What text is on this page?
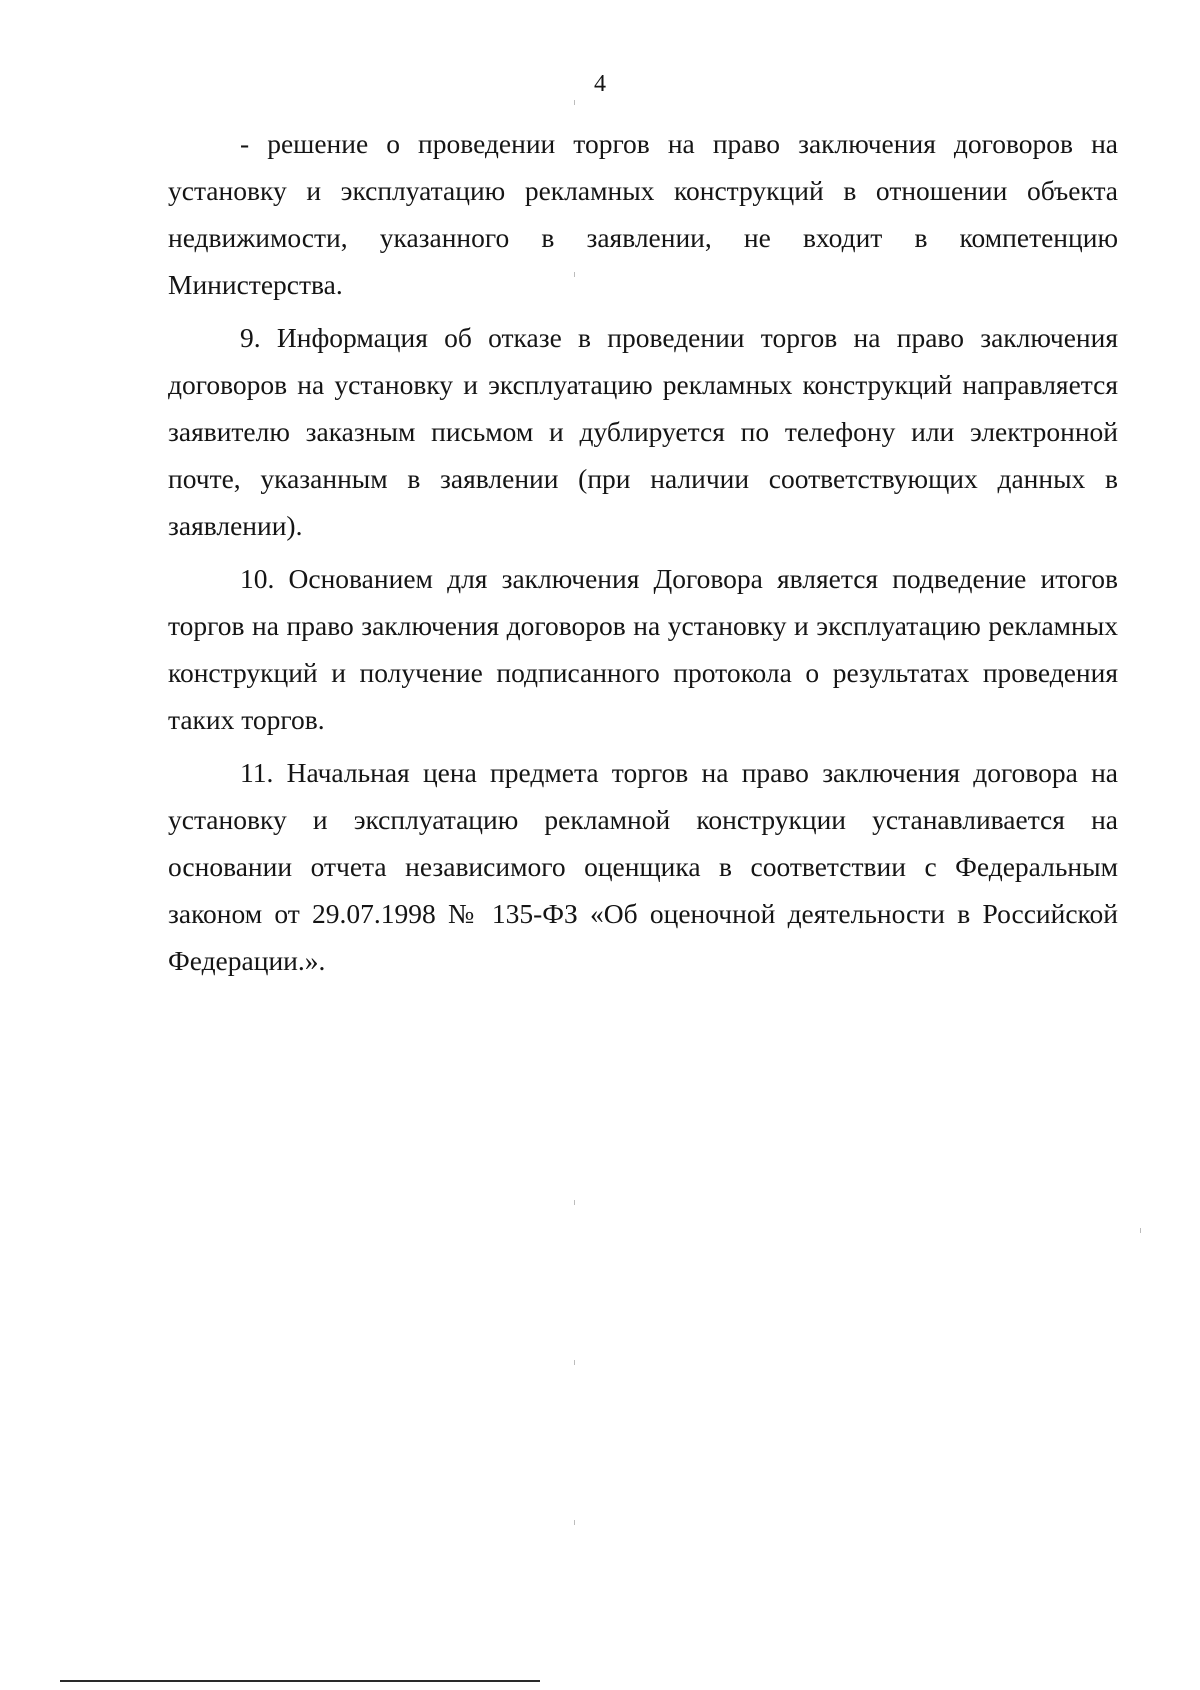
4

- решение о проведении торгов на право заключения договоров на установку и эксплуатацию рекламных конструкций в отношении объекта недвижимости, указанного в заявлении, не входит в компетенцию Министерства.

9. Информация об отказе в проведении торгов на право заключения договоров на установку и эксплуатацию рекламных конструкций направляется заявителю заказным письмом и дублируется по телефону или электронной почте, указанным в заявлении (при наличии соответствующих данных в заявлении).

10. Основанием для заключения Договора является подведение итогов торгов на право заключения договоров на установку и эксплуатацию рекламных конструкций и получение подписанного протокола о результатах проведения таких торгов.

11. Начальная цена предмета торгов на право заключения договора на установку и эксплуатацию рекламной конструкции устанавливается на основании отчета независимого оценщика в соответствии с Федеральным законом от 29.07.1998 № 135-ФЗ «Об оценочной деятельности в Российской Федерации.».
